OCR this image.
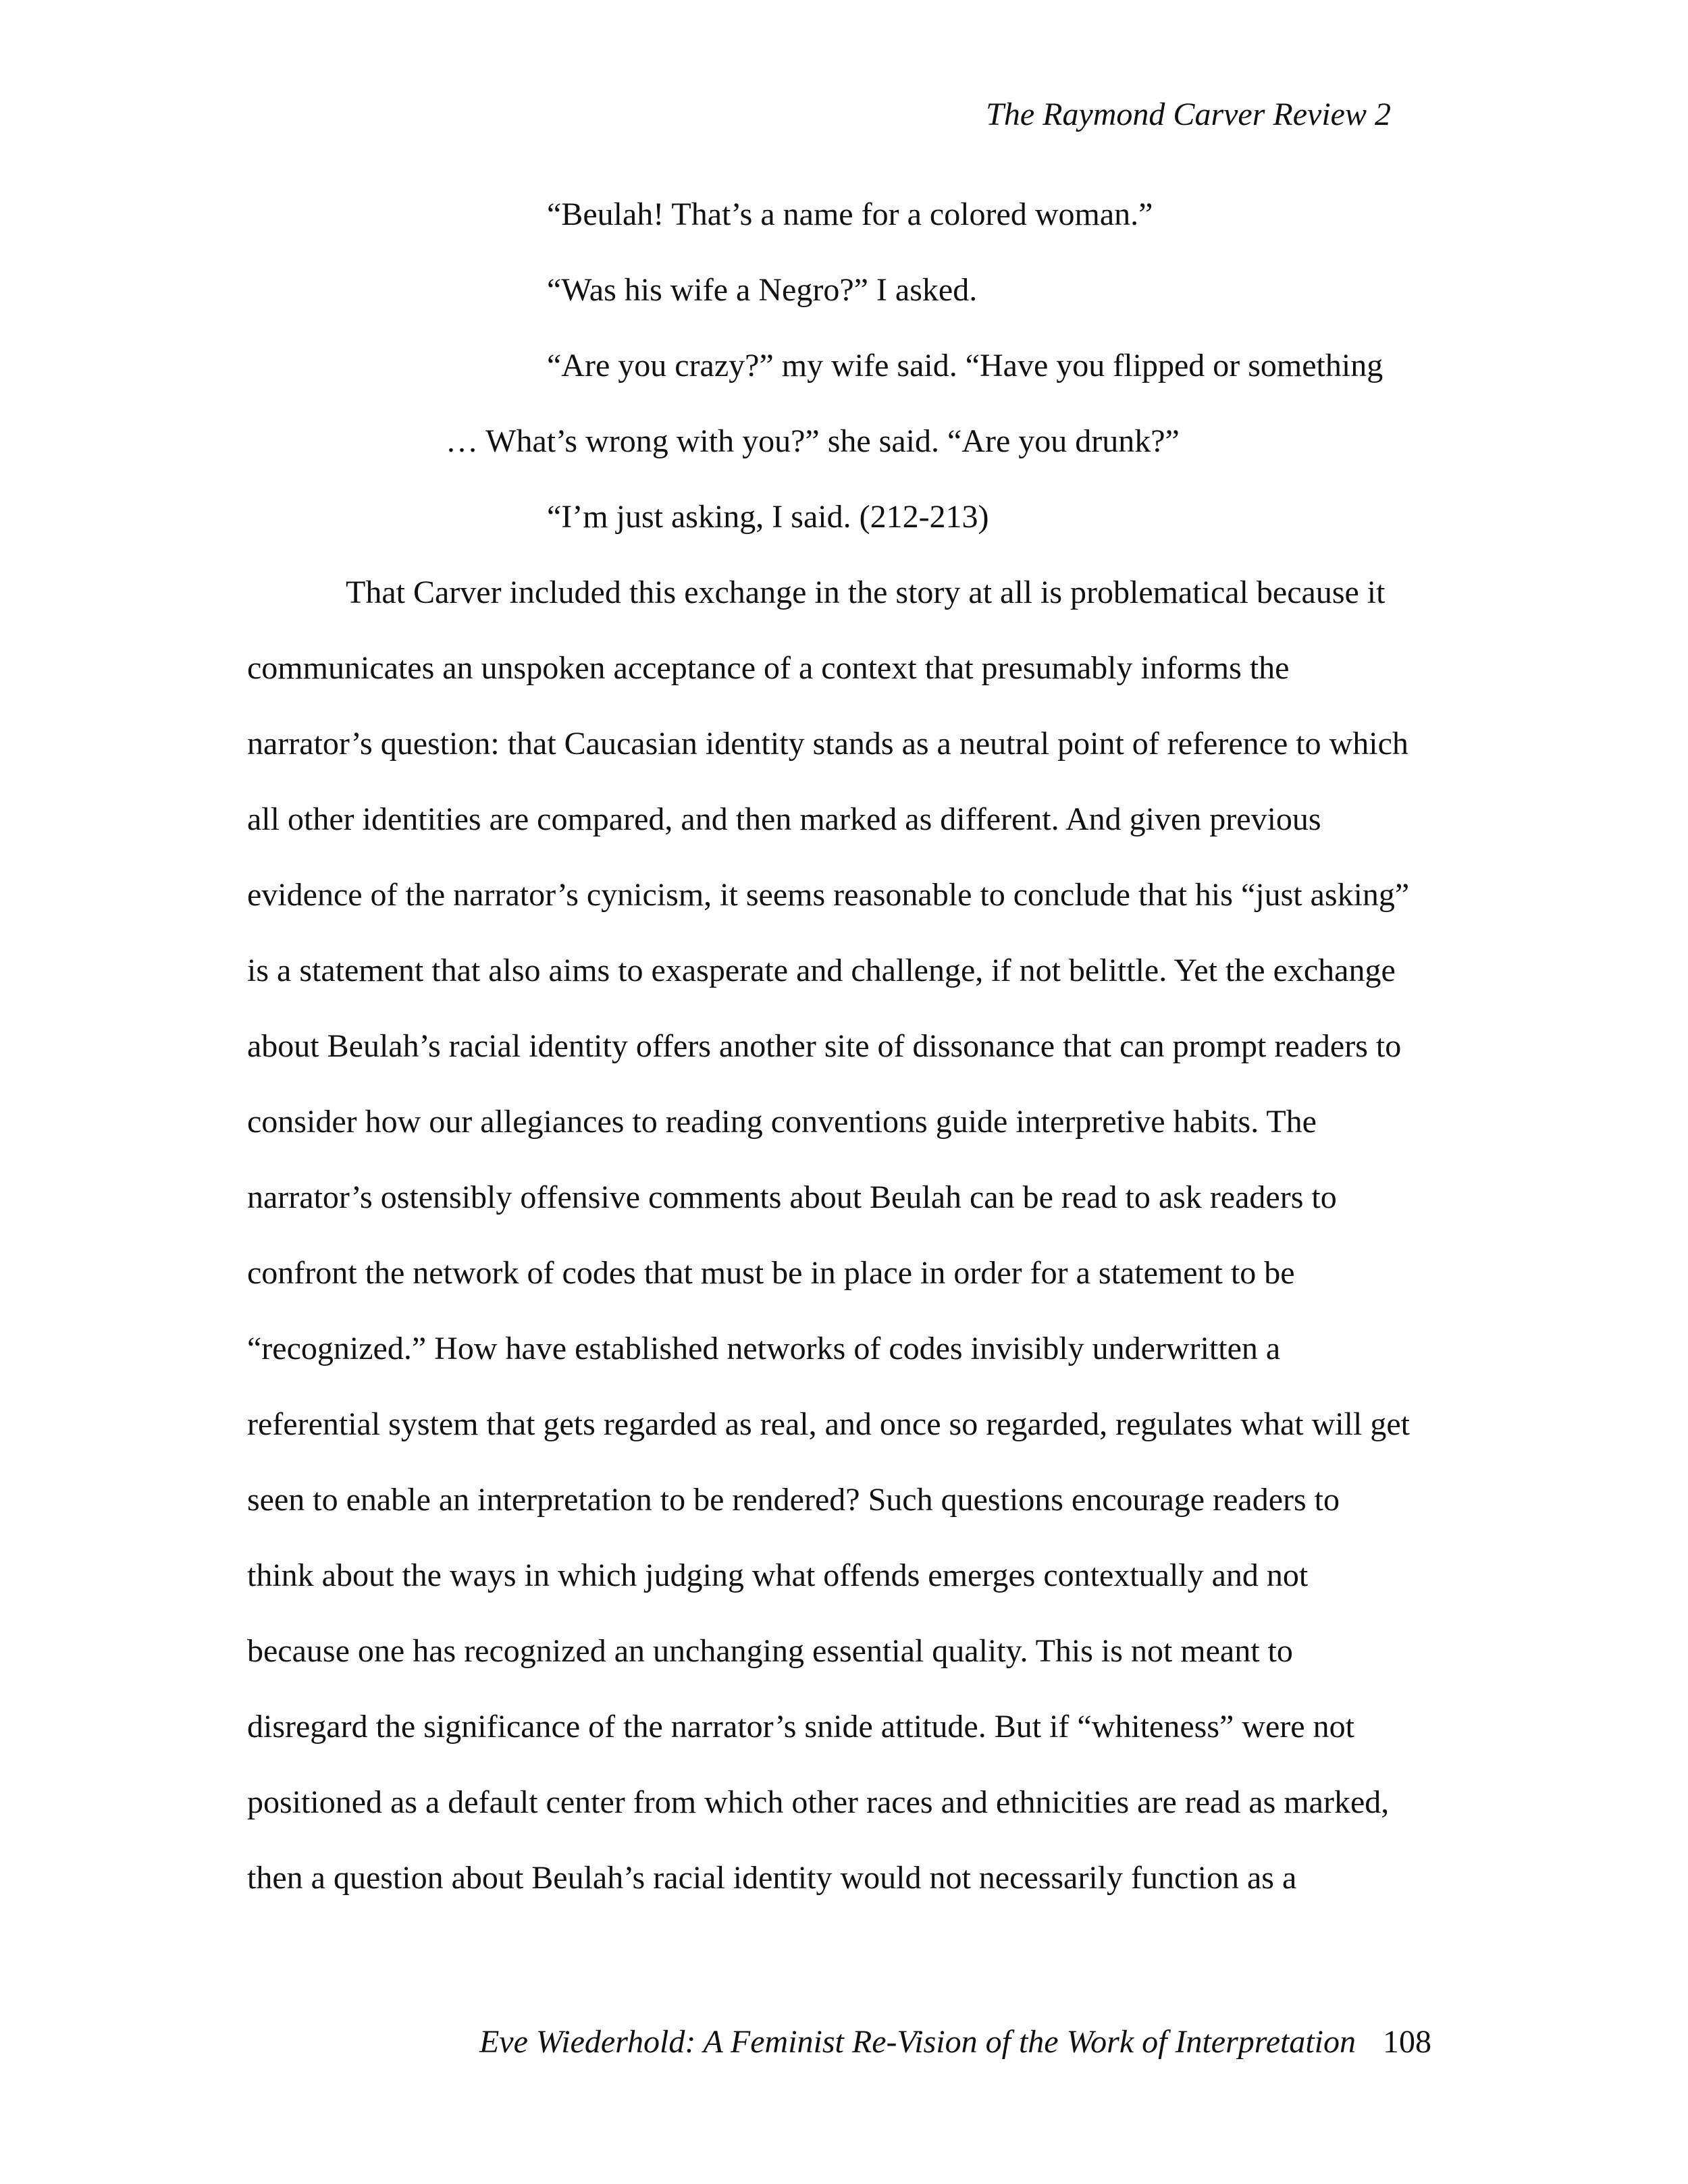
The Raymond Carver Review 2
“Beulah! That’s a name for a colored woman.”
“Was his wife a Negro?” I asked.
“Are you crazy?” my wife said. “Have you flipped or something
… What’s wrong with you?” she said. “Are you drunk?”
“I’m just asking, I said. (212-213)
That Carver included this exchange in the story at all is problematical because it
communicates an unspoken acceptance of a context that presumably informs the
narrator’s question: that Caucasian identity stands as a neutral point of reference to which
all other identities are compared, and then marked as different. And given previous
evidence of the narrator’s cynicism, it seems reasonable to conclude that his “just asking”
is a statement that also aims to exasperate and challenge, if not belittle. Yet the exchange
about Beulah’s racial identity offers another site of dissonance that can prompt readers to
consider how our allegiances to reading conventions guide interpretive habits. The
narrator’s ostensibly offensive comments about Beulah can be read to ask readers to
confront the network of codes that must be in place in order for a statement to be
“recognized.” How have established networks of codes invisibly underwritten a
referential system that gets regarded as real, and once so regarded, regulates what will get
seen to enable an interpretation to be rendered? Such questions encourage readers to
think about the ways in which judging what offends emerges contextually and not
because one has recognized an unchanging essential quality. This is not meant to
disregard the significance of the narrator’s snide attitude. But if “whiteness” were not
positioned as a default center from which other races and ethnicities are read as marked,
then a question about Beulah’s racial identity would not necessarily function as a
Eve Wiederhold: A Feminist Re-Vision of the Work of Interpretation 108
